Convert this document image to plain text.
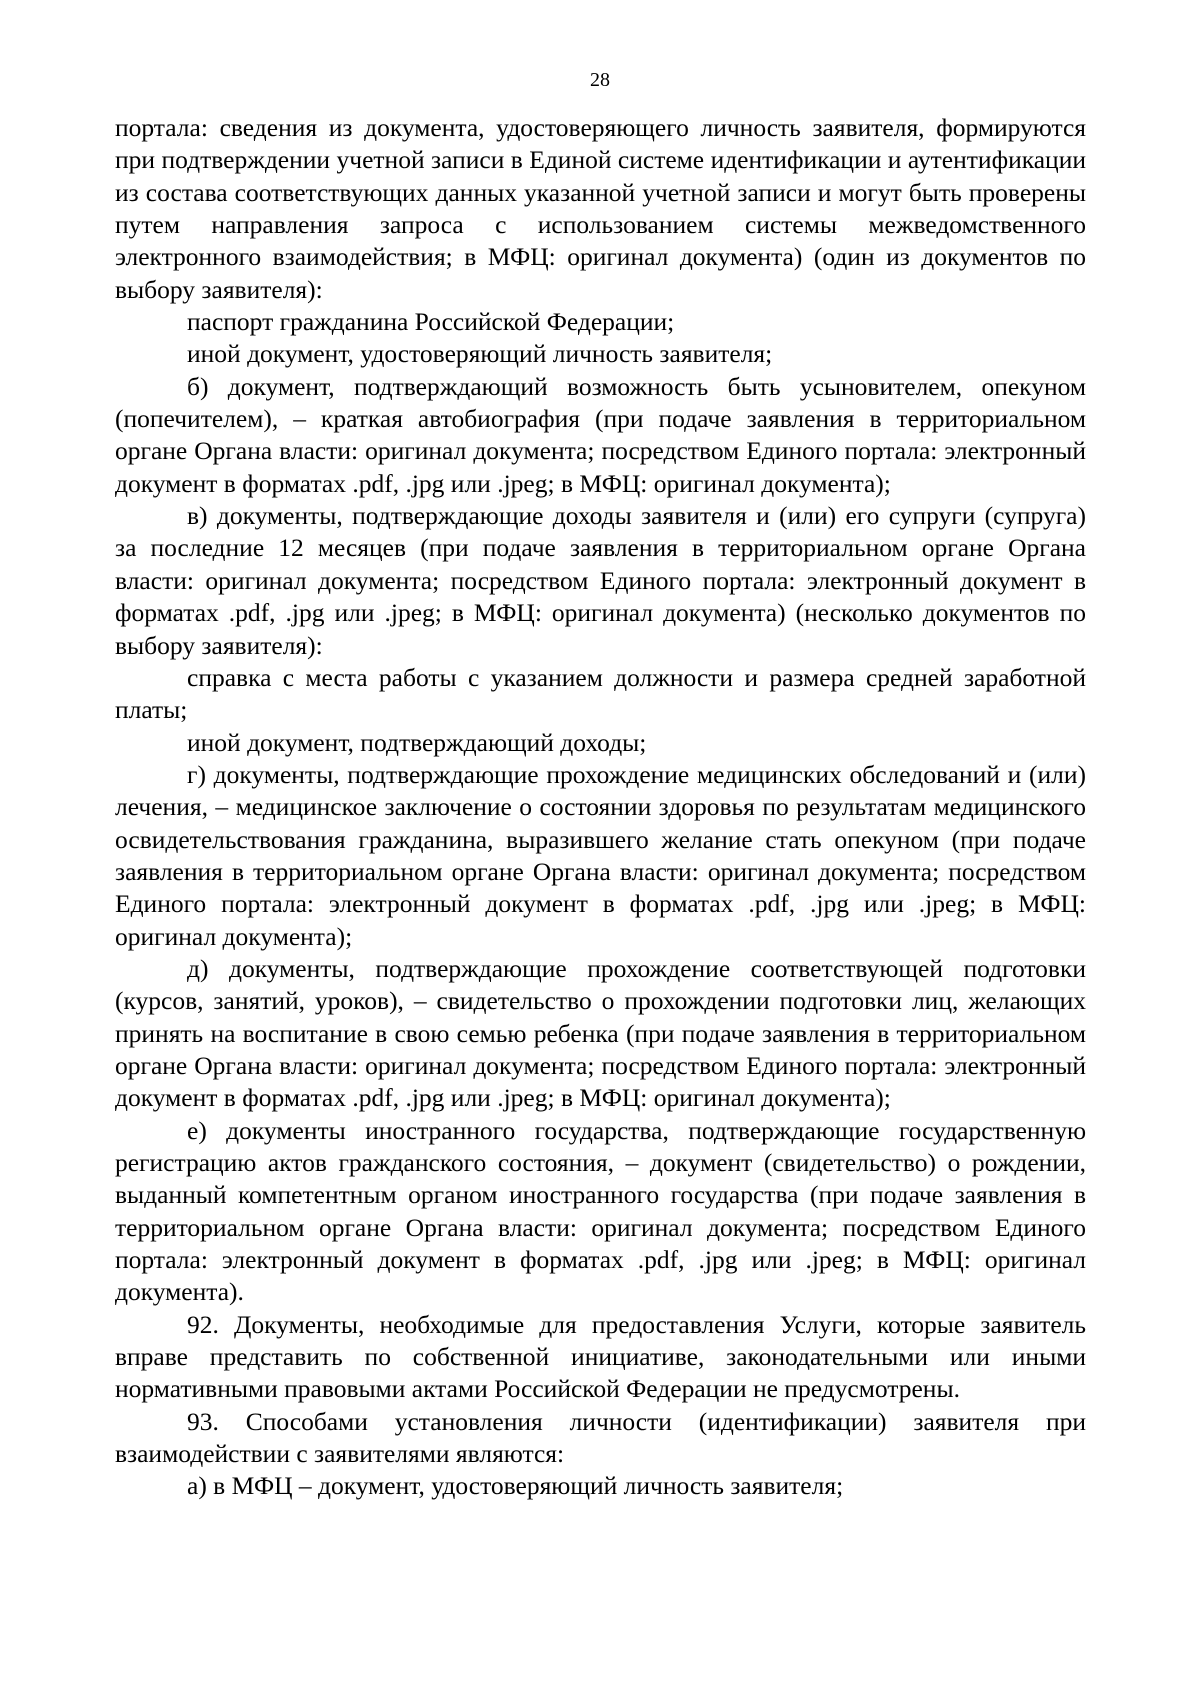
28

портала: сведения из документа, удостоверяющего личность заявителя, формируются при подтверждении учетной записи в Единой системе идентификации и аутентификации из состава соответствующих данных указанной учетной записи и могут быть проверены путем направления запроса с использованием системы межведомственного электронного взаимодействия; в МФЦ: оригинал документа) (один из документов по выбору заявителя):

паспорт гражданина Российской Федерации;

иной документ, удостоверяющий личность заявителя;

б) документ, подтверждающий возможность быть усыновителем, опекуном (попечителем), – краткая автобиография (при подаче заявления в территориальном органе Органа власти: оригинал документа; посредством Единого портала: электронный документ в форматах .pdf, .jpg или .jpeg; в МФЦ: оригинал документа);

в) документы, подтверждающие доходы заявителя и (или) его супруги (супруга) за последние 12 месяцев (при подаче заявления в территориальном органе Органа власти: оригинал документа; посредством Единого портала: электронный документ в форматах .pdf, .jpg или .jpeg; в МФЦ: оригинал документа) (несколько документов по выбору заявителя):

справка с места работы с указанием должности и размера средней заработной платы;

иной документ, подтверждающий доходы;

г) документы, подтверждающие прохождение медицинских обследований и (или) лечения, – медицинское заключение о состоянии здоровья по результатам медицинского освидетельствования гражданина, выразившего желание стать опекуном (при подаче заявления в территориальном органе Органа власти: оригинал документа; посредством Единого портала: электронный документ в форматах .pdf, .jpg или .jpeg; в МФЦ: оригинал документа);

д) документы, подтверждающие прохождение соответствующей подготовки (курсов, занятий, уроков), – свидетельство о прохождении подготовки лиц, желающих принять на воспитание в свою семью ребенка (при подаче заявления в территориальном органе Органа власти: оригинал документа; посредством Единого портала: электронный документ в форматах .pdf, .jpg или .jpeg; в МФЦ: оригинал документа);

е) документы иностранного государства, подтверждающие государственную регистрацию актов гражданского состояния, – документ (свидетельство) о рождении, выданный компетентным органом иностранного государства (при подаче заявления в территориальном органе Органа власти: оригинал документа; посредством Единого портала: электронный документ в форматах .pdf, .jpg или .jpeg; в МФЦ: оригинал документа).

92. Документы, необходимые для предоставления Услуги, которые заявитель вправе представить по собственной инициативе, законодательными или иными нормативными правовыми актами Российской Федерации не предусмотрены.

93. Способами установления личности (идентификации) заявителя при взаимодействии с заявителями являются:

а) в МФЦ – документ, удостоверяющий личность заявителя;
